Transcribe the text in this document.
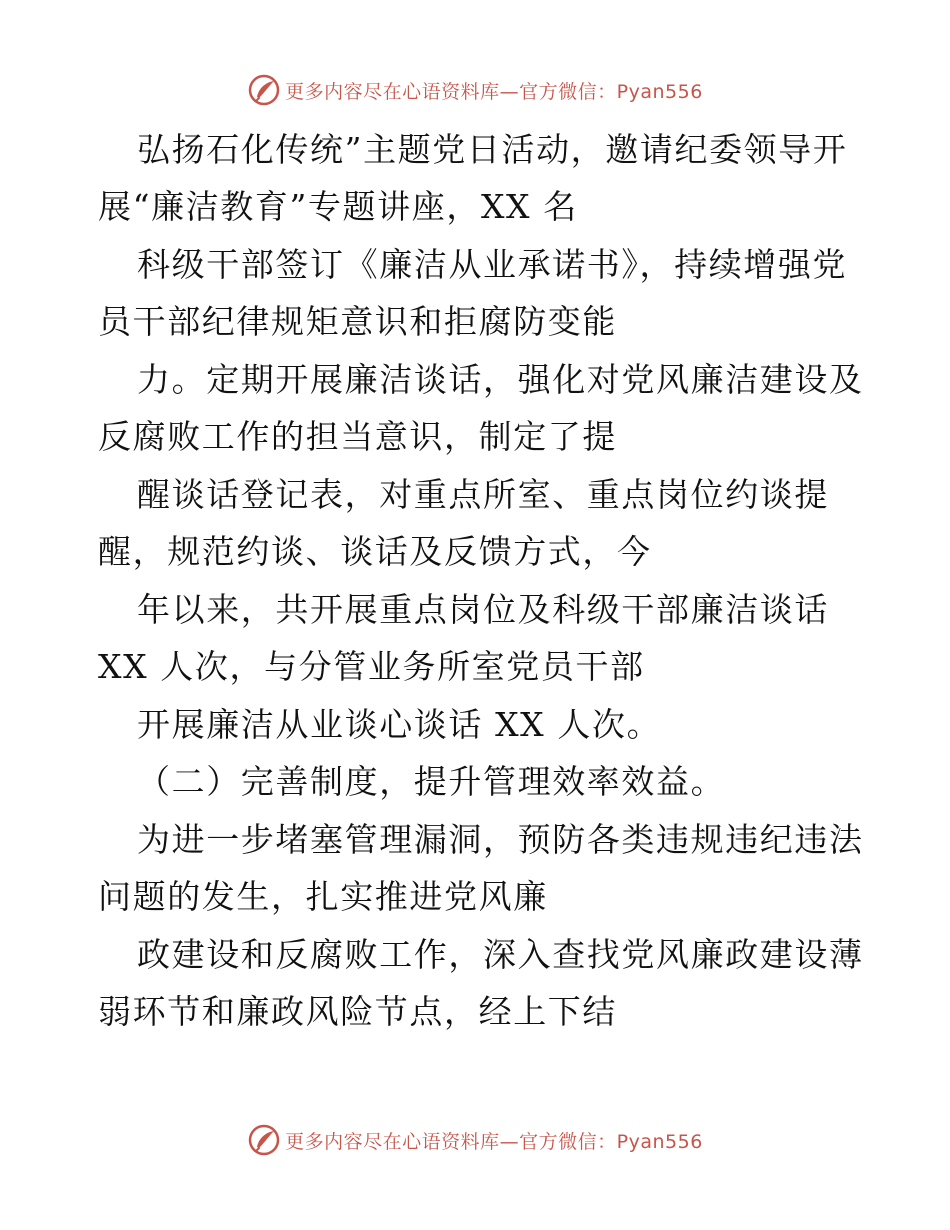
更多内容尽在心语资料库—官方微信：Pyan556
弘扬石化传统”主题党日活动，邀请纪委领导开
展“廉洁教育”专题讲座，XX 名
科级干部签订《廉洁从业承诺书》，持续增强党
员干部纪律规矩意识和拒腐防变能
力。定期开展廉洁谈话，强化对党风廉洁建设及
反腐败工作的担当意识，制定了提
醒谈话登记表，对重点所室、重点岗位约谈提
醒，规范约谈、谈话及反馈方式，今
年以来，共开展重点岗位及科级干部廉洁谈话
XX 人次，与分管业务所室党员干部
开展廉洁从业谈心谈话 XX 人次。
（二）完善制度，提升管理效率效益。
为进一步堵塞管理漏洞，预防各类违规违纪违法
问题的发生，扎实推进党风廉
政建设和反腐败工作，深入查找党风廉政建设薄
弱环节和廉政风险节点，经上下结
更多内容尽在心语资料库—官方微信：Pyan556
